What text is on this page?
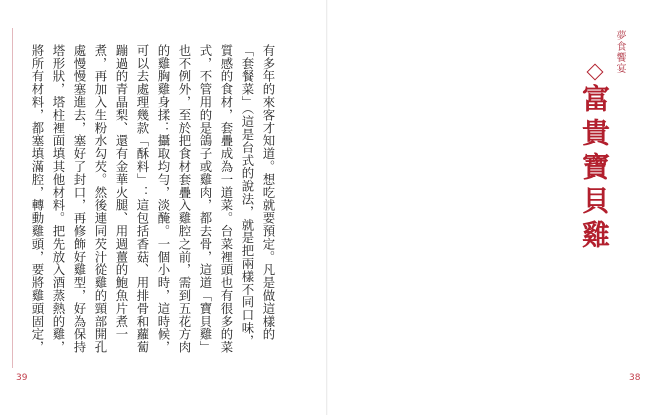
有多年的來客才知道。想吃就要預定。凡是做這樣的「套餐菜」（這是台式的說法，就是把兩樣不同口味，質感的食材，套疊成為一道菜。台菜裡頭也有很多的菜式，不管用的是鴿子或雞肉，都去骨，這道「寶貝雞」也不例外，至於把食材套疊入雞腔之前，需到五花方肉的雞胸雞身揉：攝取均勻，淡醃。一個小時，這時候，可以去處理幾款「酥料」：這包括香菇、用排骨和蘿蔔蹦過的青晶梨、還有金華火腿、用週薑的鮑魚片煮一煮，再加入生粉水勾芡。然後連同芡汁從雞的頸部開孔處慢慢塞進去，塞好了封口，再修飾好雞型，好為保持塔形狀，塔柱裡面填其他材料。把先放入酒蒸熱的雞，將所有材料，都塞填滿腔，轉動雞頭，要將雞頭固定，

39

夢食饗宴
富貴寶貝雞
38
